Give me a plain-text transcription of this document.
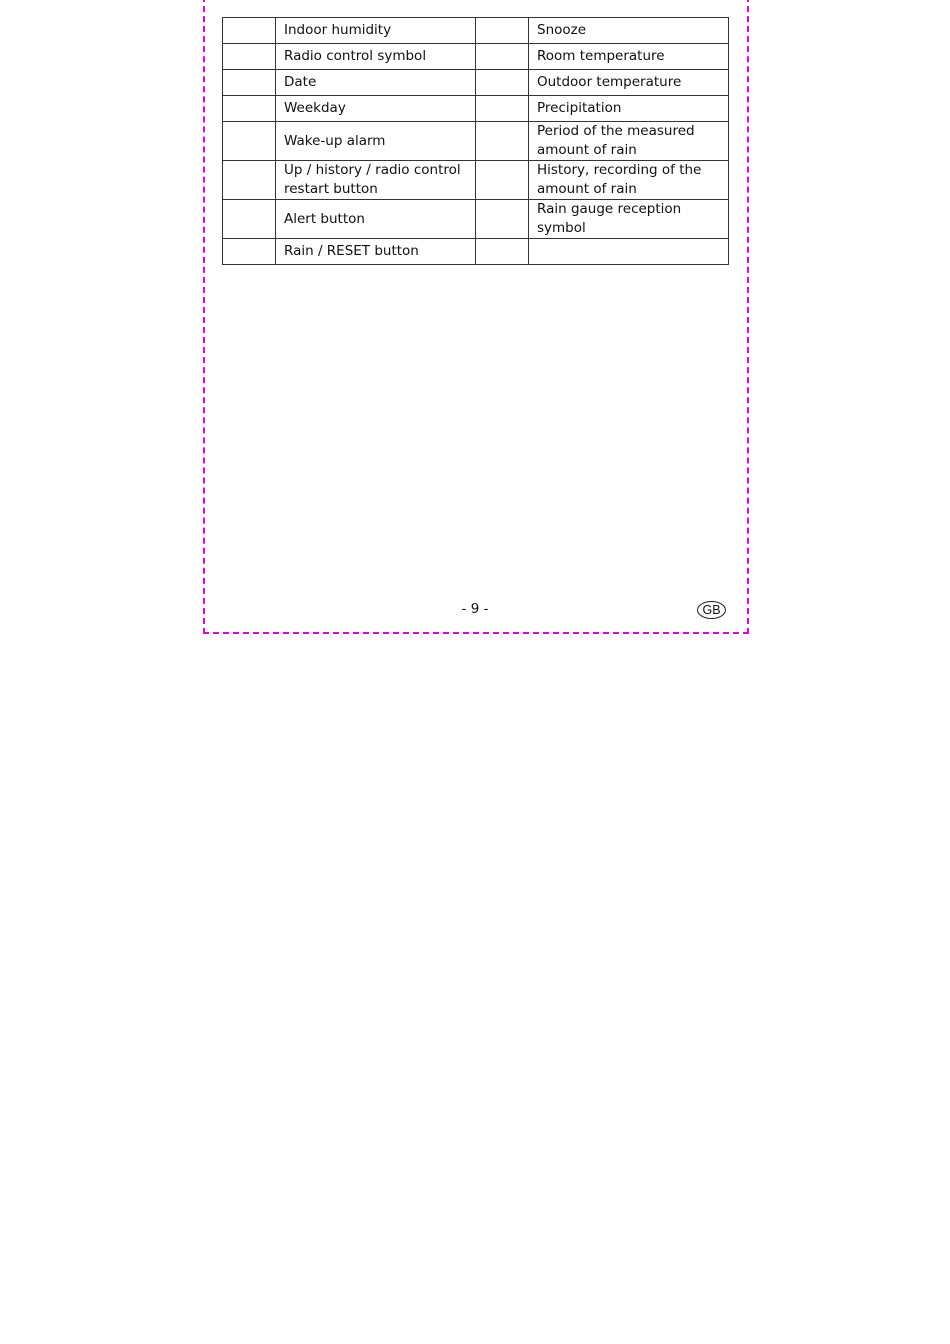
	Indoor humidity		Snooze
	Radio control symbol		Room temperature
	Date		Outdoor temperature
	Weekday		Precipitation
	Wake-up alarm		Period of the measured amount of rain
	Up / history / radio control restart button		History, recording of the amount of rain
	Alert button		Rain gauge reception symbol
	Rain / RESET button		
- 9 -	GB
